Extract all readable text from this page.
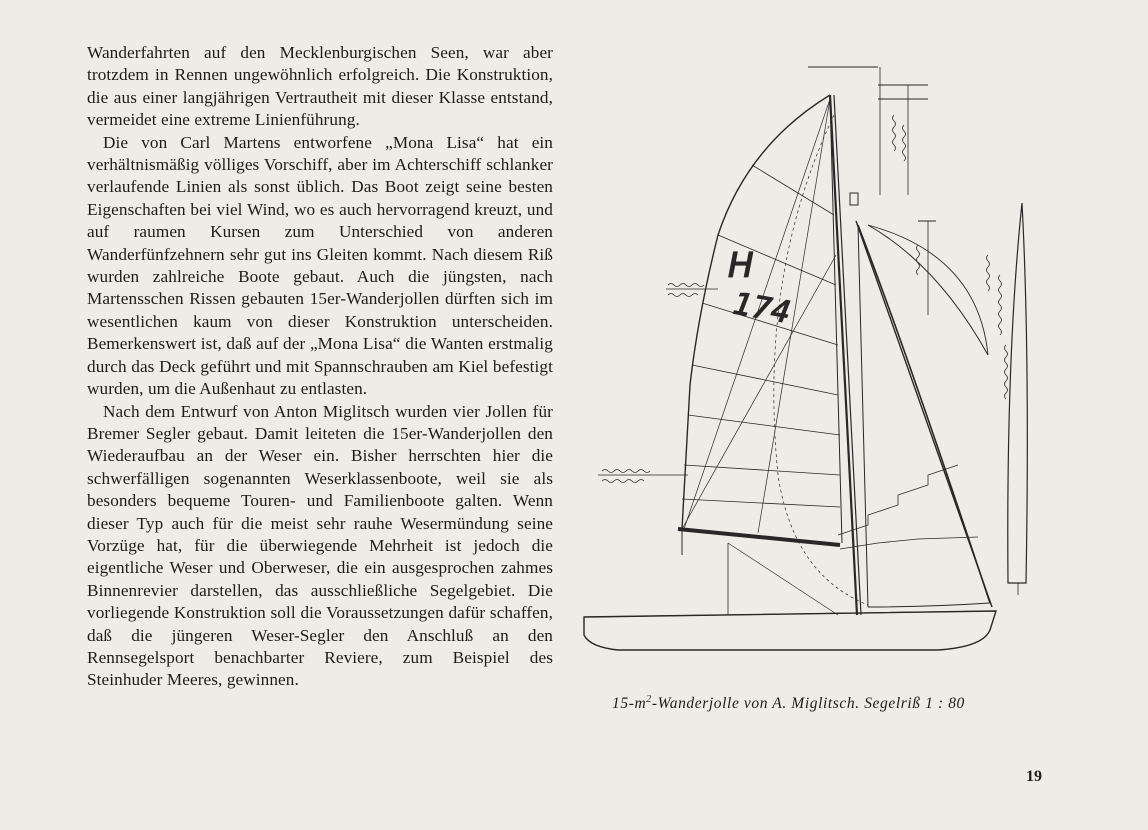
Wanderfahrten auf den Mecklenburgischen Seen, war aber trotzdem in Rennen ungewöhnlich erfolgreich. Die Konstruktion, die aus einer langjährigen Vertrautheit mit dieser Klasse entstand, vermeidet eine extreme Linienführung.

Die von Carl Martens entworfene „Mona Lisa“ hat ein verhältnismäßig völliges Vorschiff, aber im Achterschiff schlanker verlaufende Linien als sonst üblich. Das Boot zeigt seine besten Eigenschaften bei viel Wind, wo es auch hervorragend kreuzt, und auf raumen Kursen zum Unterschied von anderen Wanderfünfzehnern sehr gut ins Gleiten kommt. Nach diesem Riß wurden zahlreiche Boote gebaut. Auch die jüngsten, nach Martensschen Rissen gebauten 15er-Wanderjollen dürften sich im wesentlichen kaum von dieser Konstruktion unterscheiden. Bemerkenswert ist, daß auf der „Mona Lisa“ die Wanten erstmalig durch das Deck geführt und mit Spannschrauben am Kiel befestigt wurden, um die Außenhaut zu entlasten.

Nach dem Entwurf von Anton Miglitsch wurden vier Jollen für Bremer Segler gebaut. Damit leiteten die 15er-Wanderjollen den Wiederaufbau an der Weser ein. Bisher herrschten hier die schwerfälligen sogenannten Weserklassenboote, weil sie als besonders bequeme Touren- und Familienboote galten. Wenn dieser Typ auch für die meist sehr rauhe Wesermündung seine Vorzüge hat, für die überwiegende Mehrheit ist jedoch die eigentliche Weser und Oberweser, die ein ausgesprochen zahmes Binnenrevier darstellen, das ausschließliche Segelgebiet. Die vorliegende Konstruktion soll die Voraussetzungen dafür schaffen, daß die jüngeren Weser-Segler den Anschluß an den Rennsegelsport benachbarter Reviere, zum Beispiel des Steinhuder Meeres, gewinnen.

H
174
$15-m^2$-Wanderjolle von A. Miglitsch. Segelriß 1 : 80
19
